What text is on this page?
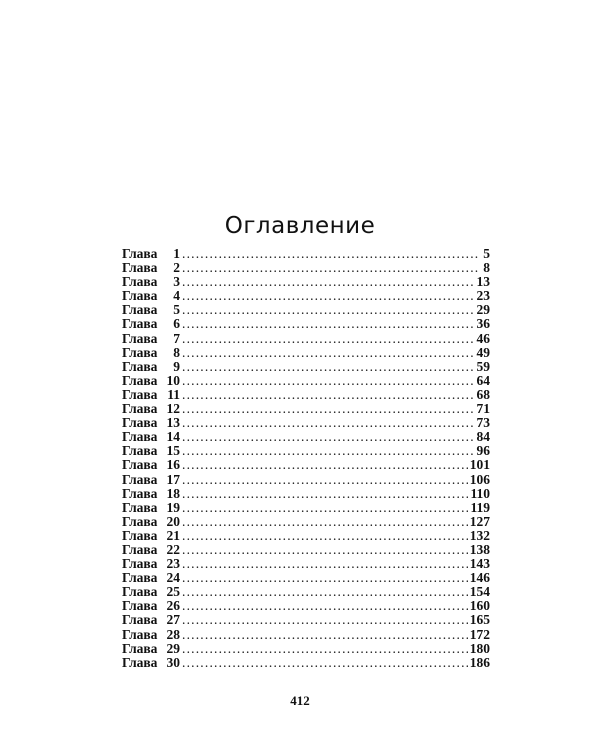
Оглавление
Глава	1 .....	5
Глава	2 .....	8
Глава	3 .....	13
Глава	4 .....	23
Глава	5 .....	29
Глава	6 .....	36
Глава	7 .....	46
Глава	8 .....	49
Глава	9 .....	59
Глава 10 .....	64
Глава 11 .....	68
Глава 12 .....	71
Глава 13 .....	73
Глава 14 .....	84
Глава 15 .....	96
Глава 16 .....	101
Глава 17 .....	106
Глава 18 .....	110
Глава 19 .....	119
Глава 20 .....	127
Глава 21 .....	132
Глава 22 .....	138
Глава 23 .....	143
Глава 24 .....	146
Глава 25 .....	154
Глава 26 .....	160
Глава 27 .....	165
Глава 28 .....	172
Глава 29 .....	180
Глава 30 .....	186
412
